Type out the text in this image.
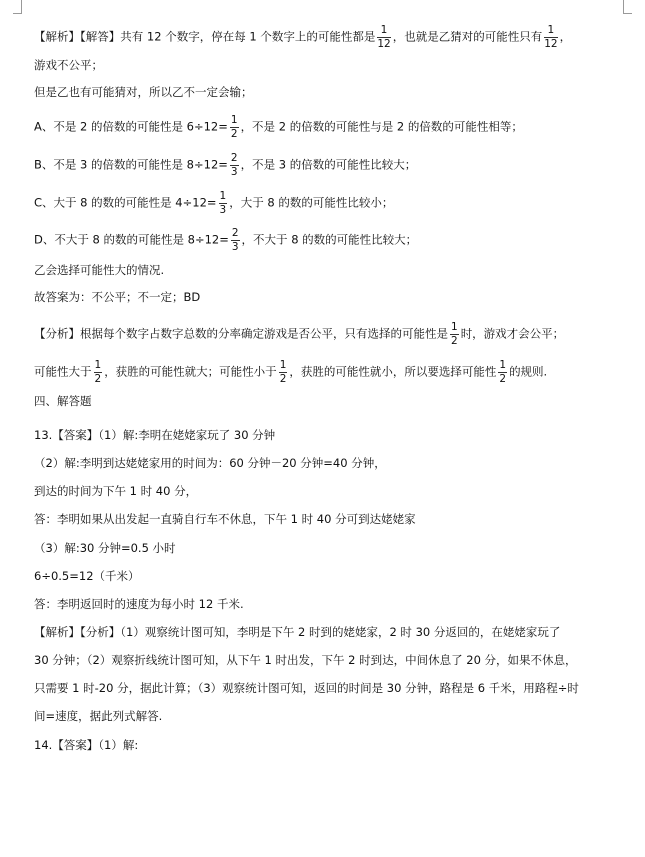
【解析】【解答】共有 12 个数字，停在每 1 个数字上的可能性都是 $\frac{1}{12}$ ，也就是乙猜对的可能性只有 $\frac{1}{12}$ ，
游戏不公平；
但是乙也有可能猜对，所以乙不一定会输；
A、不是 2 的倍数的可能性是 $6\div 12= \frac{1}{2}$ ，不是 2 的倍数的可能性与是 2 的倍数的可能性相等；
B、不是 3 的倍数的可能性是 $8\div 12= \frac{2}{3}$ ，不是 3 的倍数的可能性比较大；
C、大于 8 的数的可能性是 $4\div 12= \frac{1}{3}$ ，大于 8 的数的可能性比较小；
D、不大于 8 的数的可能性是 $8\div 12= \frac{2}{3}$ ，不大于 8 的数的可能性比较大；
乙会选择可能性大的情况.
故答案为：不公平；不一定；BD
【分析】根据每个数字占数字总数的分率确定游戏是否公平，只有选择的可能性是 $\frac{1}{2}$ 时，游戏才会公平；
可能性大于 $\frac{1}{2}$ ，获胜的可能性就大；可能性小于 $\frac{1}{2}$ ，获胜的可能性就小，所以要选择可能性 $\frac{1}{2}$ 的规则.
四、解答题
13.【答案】（1）解:李明在姥姥家玩了 30 分钟
（2）解:李明到达姥姥家用的时间为：60 分钟－20 分钟=40 分钟，
到达的时间为下午 1 时 40 分，
答：李明如果从出发起一直骑自行车不休息，下午 1 时 40 分可到达姥姥家
（3）解:30 分钟=0.5 小时
6÷0.5=12（千米）
答：李明返回时的速度为每小时 12 千米.
【解析】【分析】（1）观察统计图可知，李明是下午 2 时到的姥姥家，2 时 30 分返回的，在姥姥家玩了
30 分钟；（2）观察折线统计图可知，从下午 1 时出发，下午 2 时到达，中间休息了 20 分，如果不休息，
只需要 1 时-20 分，据此计算；（3）观察统计图可知，返回的时间是 30 分钟，路程是 6 千米，用路程÷时
间=速度，据此列式解答.
14.【答案】（1）解:
